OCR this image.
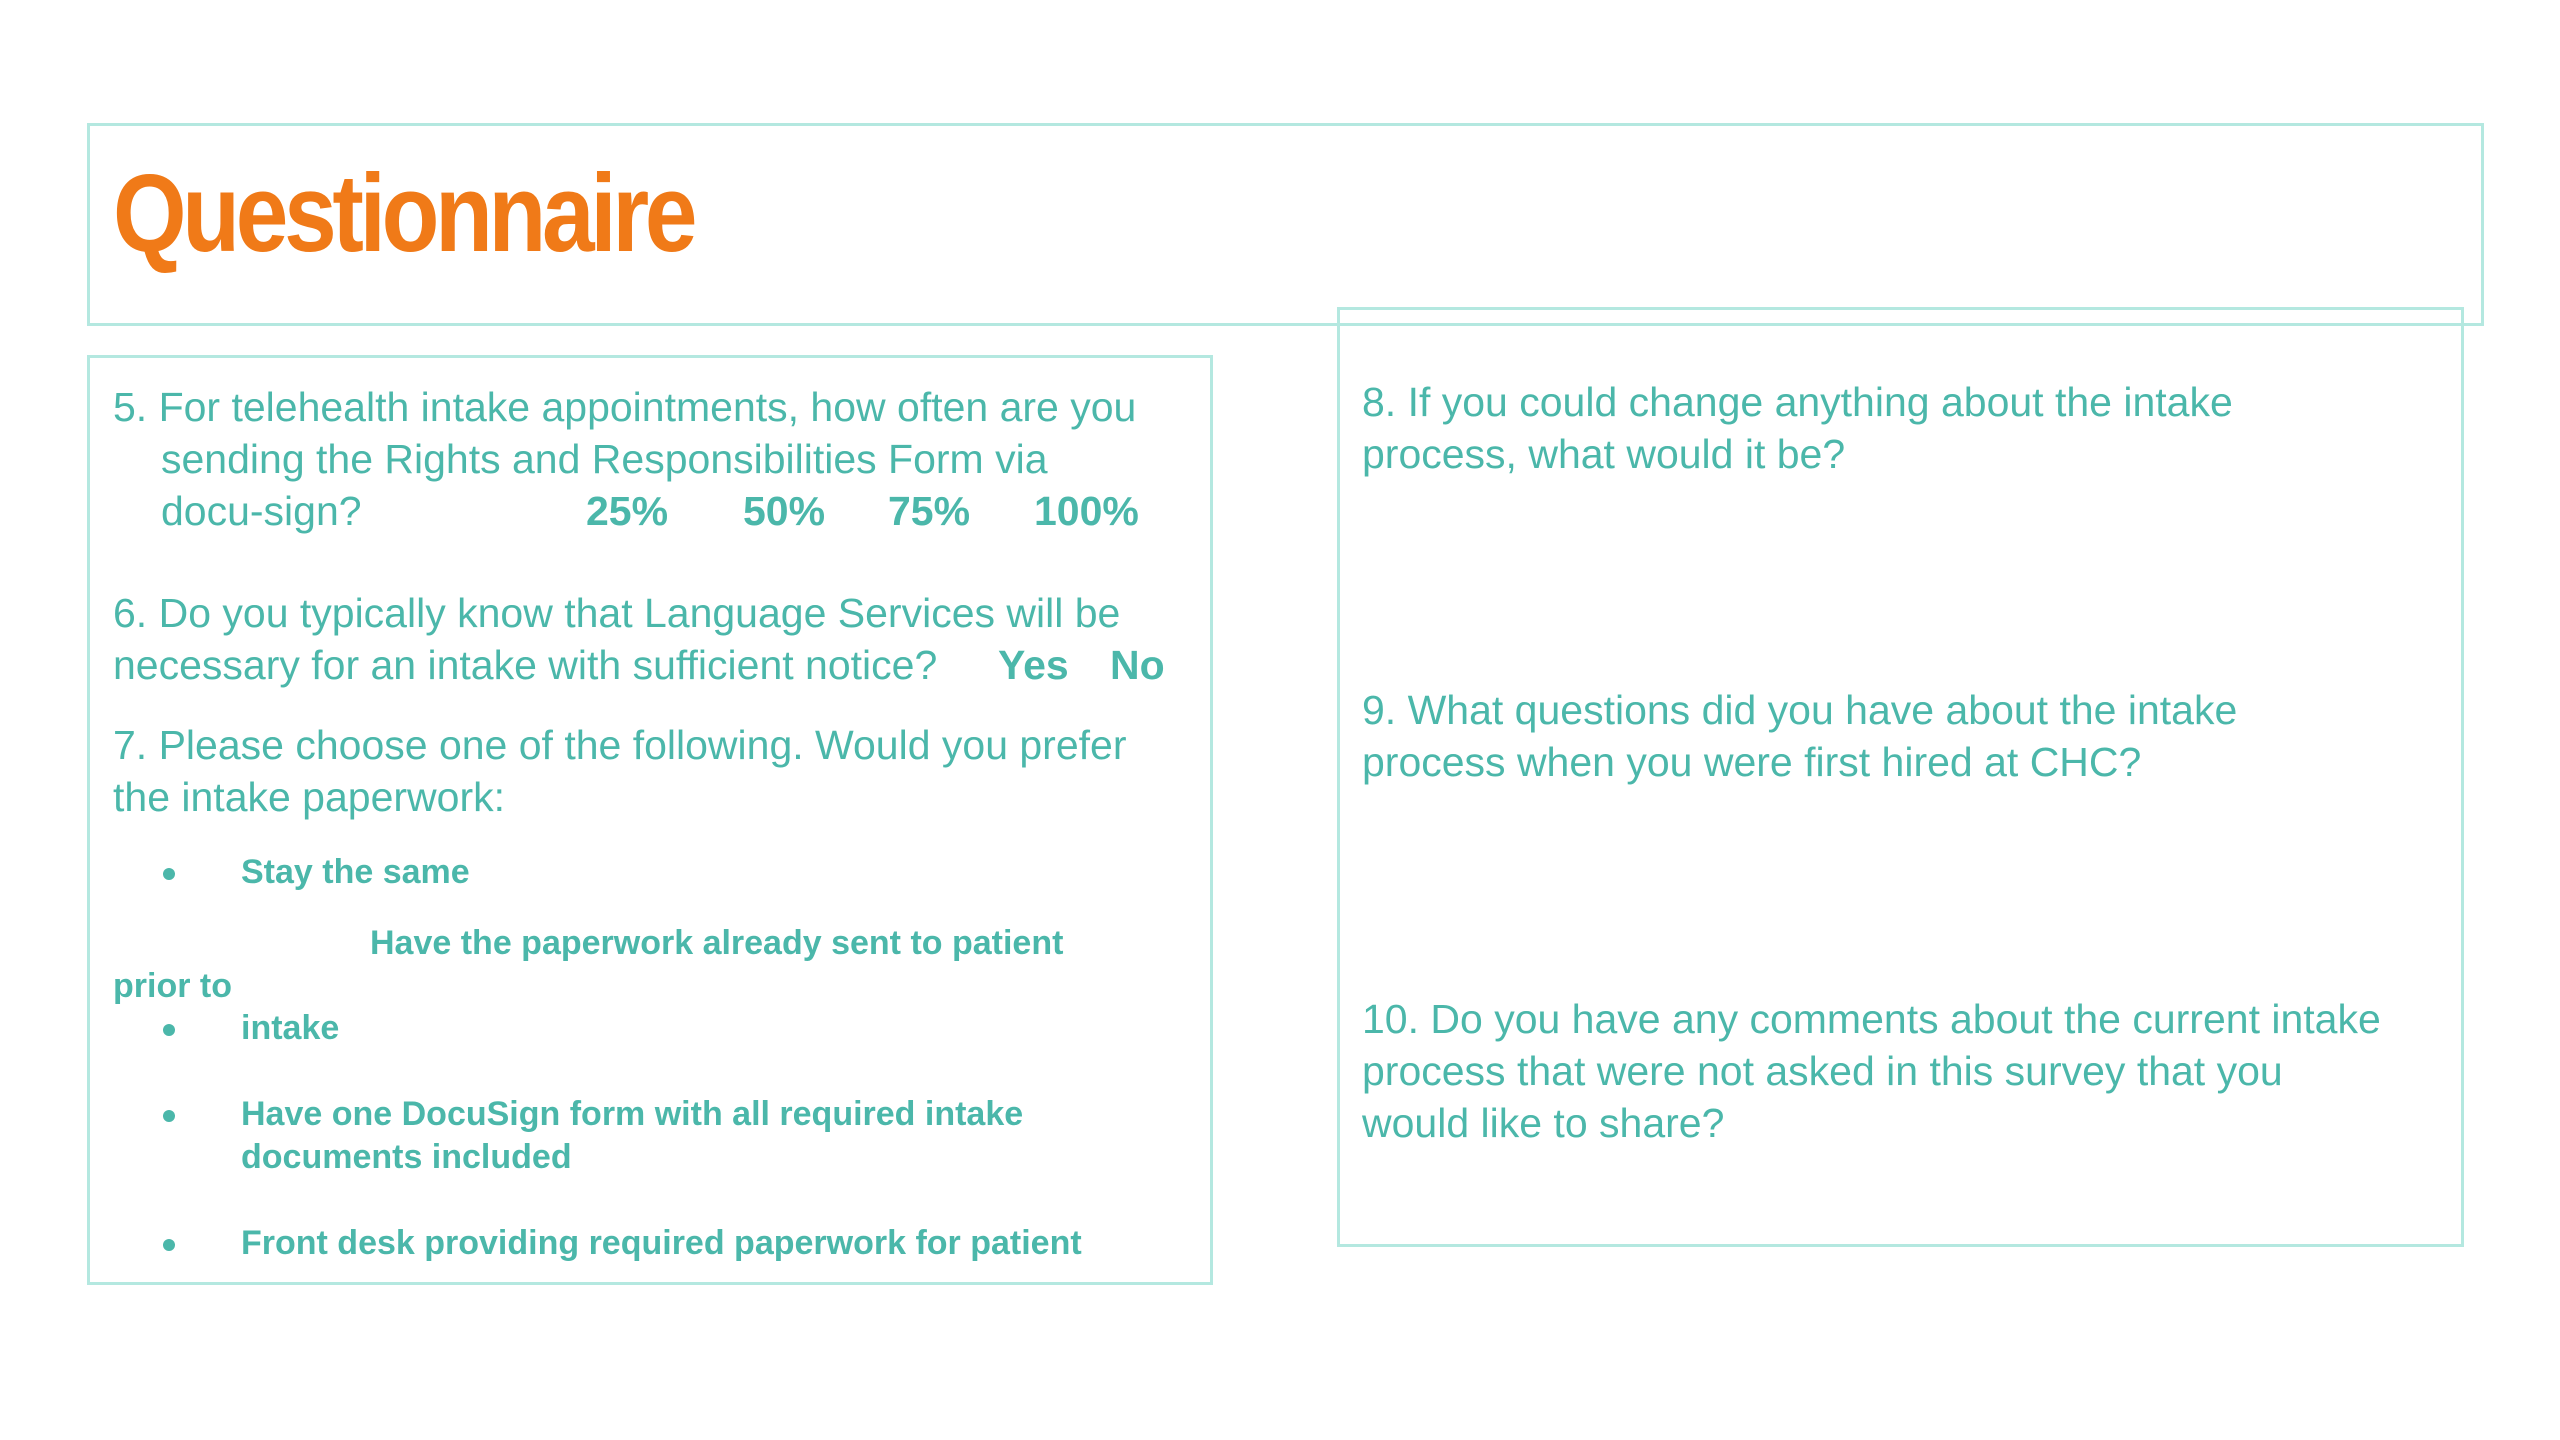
Questionnaire
5. For telehealth intake appointments, how often are you
sending the Rights and Responsibilities Form via
docu-sign?	25% 50% 75% 100%
6. Do you typically know that Language Services will be
necessary for an intake with sufficient notice? Yes No
7. Please choose one of the following. Would you prefer
the intake paperwork:
Stay the same
Have the paperwork already sent to patient
prior to
intake
Have one DocuSign form with all required intake
documents included
Front desk providing required paperwork for patient
8. If you could change anything about the intake
process, what would it be?
9. What questions did you have about the intake
process when you were first hired at CHC?
10. Do you have any comments about the current intake
process that were not asked in this survey that you
would like to share?
